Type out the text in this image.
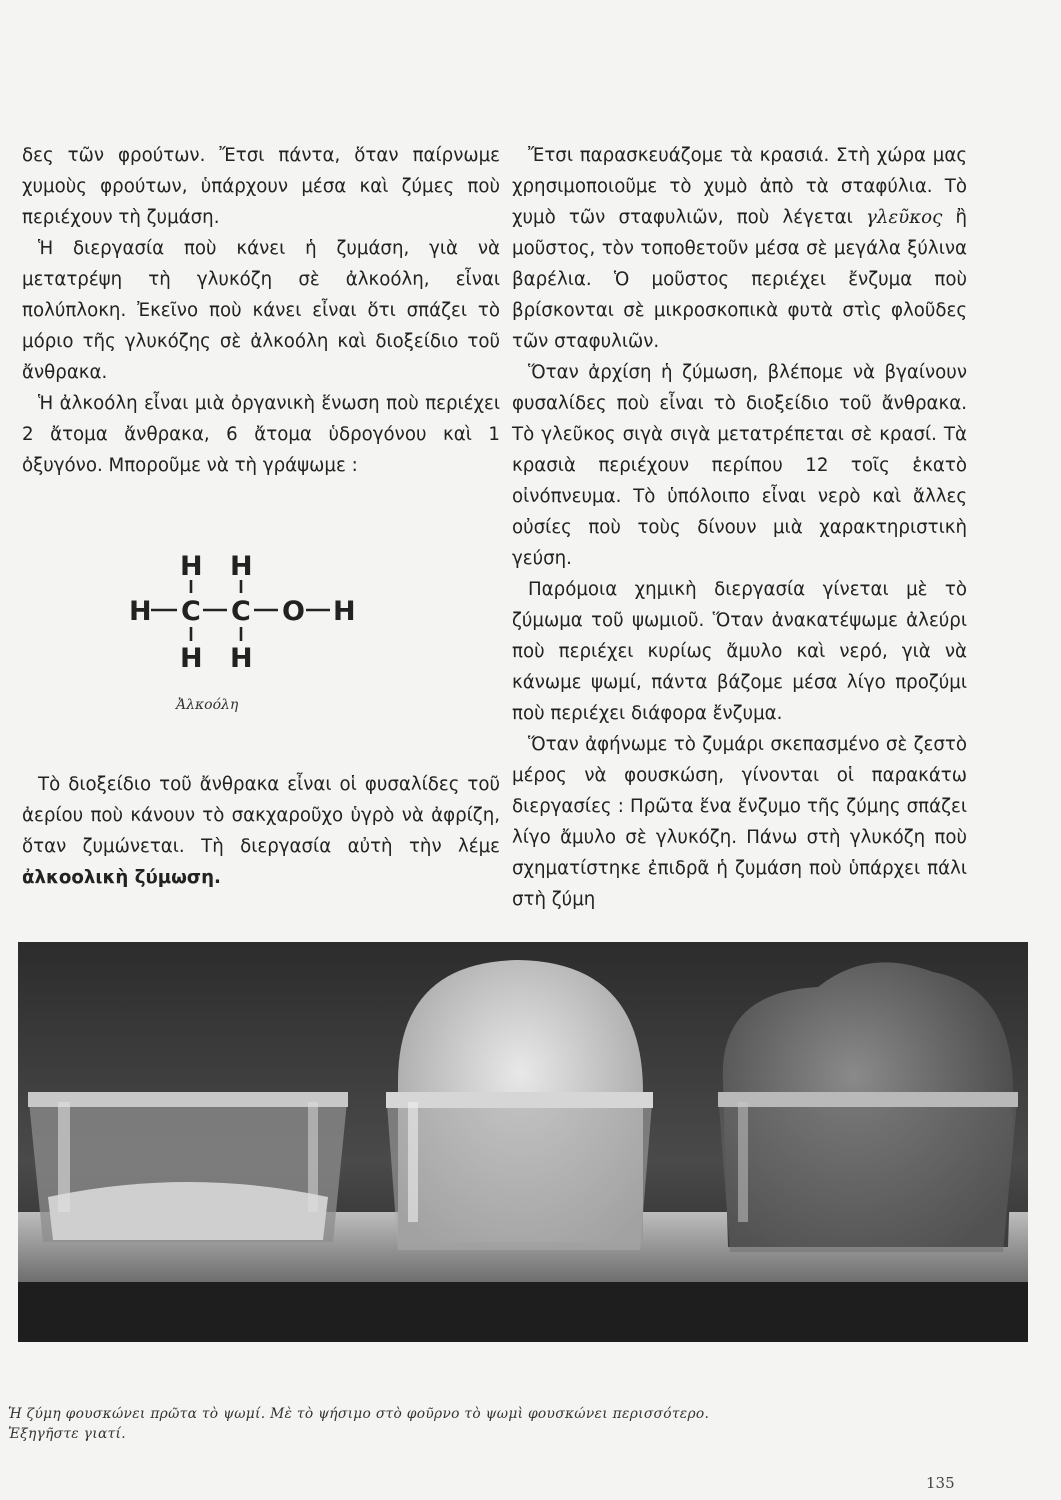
δες τῶν φρούτων. Ἔτσι πάντα, ὅταν παίρνωμε χυμοὺς φρούτων, ὑπάρχουν μέσα καὶ ζύμες ποὺ περιέχουν τὴ ζυμάση.

Ἡ διεργασία ποὺ κάνει ἡ ζυμάση, γιὰ νὰ μετατρέψη τὴ γλυκόζη σὲ ἀλκοόλη, εἶναι πολύπλοκη. Ἐκεῖνο ποὺ κάνει εἶναι ὅτι σπάζει τὸ μόριο τῆς γλυκόζης σὲ ἀλκοόλη καὶ διοξείδιο τοῦ ἄνθρακα.

Ἡ ἀλκοόλη εἶναι μιὰ ὀργανικὴ ἕνωση ποὺ περιέχει 2 ἄτομα ἄνθρακα, 6 ἄτομα ὑδρογόνου καὶ 1 ὀξυγόνο. Μποροῦμε νὰ τὴ γράψωμε :

H H
H C C O H
H H
Ἀλκοόλη

Τὸ διοξείδιο τοῦ ἄνθρακα εἶναι οἱ φυσαλίδες τοῦ ἀερίου ποὺ κάνουν τὸ σακχαροῦχο ὑγρὸ νὰ ἀφρίζη, ὅταν ζυμώνεται. Τὴ διεργασία αὐτὴ τὴν λέμε ἀλκοολικὴ ζύμωση.

Ἔτσι παρασκευάζομε τὰ κρασιά. Στὴ χώρα μας χρησιμοποιοῦμε τὸ χυμὸ ἀπὸ τὰ σταφύλια. Τὸ χυμὸ τῶν σταφυλιῶν, ποὺ λέγεται γλεῦκος ἢ μοῦστος, τὸν τοποθετοῦν μέσα σὲ μεγάλα ξύλινα βαρέλια. Ὁ μοῦστος περιέχει ἔνζυμα ποὺ βρίσκονται σὲ μικροσκοπικὰ φυτὰ στὶς φλοῦδες τῶν σταφυλιῶν.

Ὅταν ἀρχίση ἡ ζύμωση, βλέπομε νὰ βγαίνουν φυσαλίδες ποὺ εἶναι τὸ διοξείδιο τοῦ ἄνθρακα. Τὸ γλεῦκος σιγὰ σιγὰ μετατρέπεται σὲ κρασί. Τὰ κρασιὰ περιέχουν περίπου 12 τοῖς ἑκατὸ οἰνόπνευμα. Τὸ ὑπόλοιπο εἶναι νερὸ καὶ ἄλλες οὐσίες ποὺ τοὺς δίνουν μιὰ χαρακτηριστικὴ γεύση.

Παρόμοια χημικὴ διεργασία γίνεται μὲ τὸ ζύμωμα τοῦ ψωμιοῦ. Ὅταν ἀνακατέψωμε ἀλεύρι ποὺ περιέχει κυρίως ἄμυλο καὶ νερό, γιὰ νὰ κάνωμε ψωμί, πάντα βάζομε μέσα λίγο προζύμι ποὺ περιέχει διάφορα ἔνζυμα.

Ὅταν ἀφήνωμε τὸ ζυμάρι σκεπασμένο σὲ ζεστὸ μέρος νὰ φουσκώση, γίνονται οἱ παρακάτω διεργασίες : Πρῶτα ἕνα ἔνζυμο τῆς ζύμης σπάζει λίγο ἄμυλο σὲ γλυκόζη. Πάνω στὴ γλυκόζη ποὺ σχηματίστηκε ἐπιδρᾶ ἡ ζυμάση ποὺ ὑπάρχει πάλι στὴ ζύμη

Ἡ ζύμη φουσκώνει πρῶτα τὸ ψωμί. Μὲ τὸ ψήσιμο στὸ φοῦρνο τὸ ψωμὶ φουσκώνει περισσότερο.
Ἐξηγῆστε γιατί.
135
